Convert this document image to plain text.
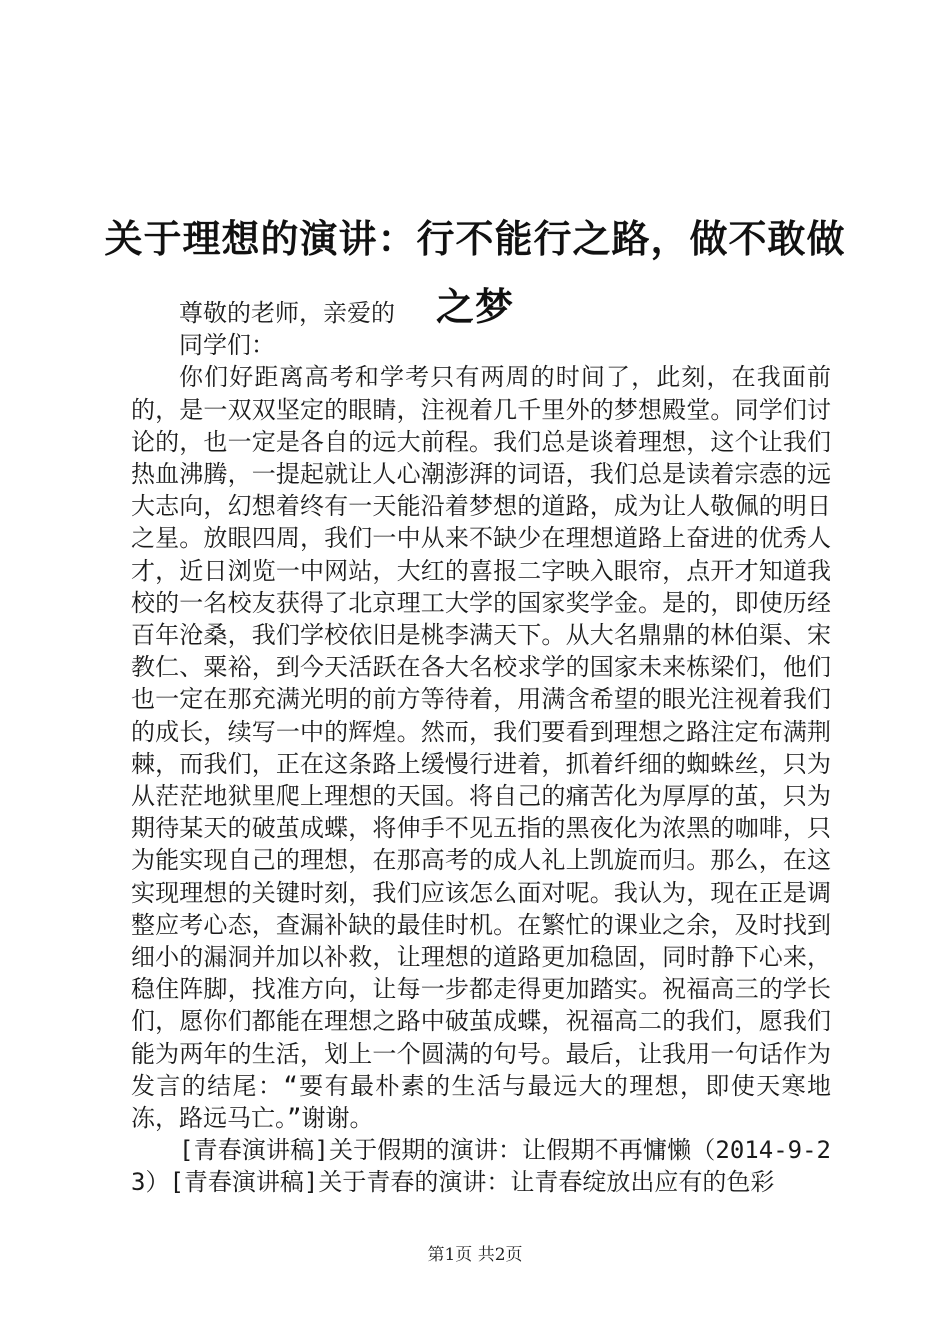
关于理想的演讲：行不能行之路，做不敢做之梦

尊敬的老师，亲爱的

同学们：

你们好距离高考和学考只有两周的时间了，此刻，在我面前的，是一双双坚定的眼睛，注视着几千里外的梦想殿堂。同学们讨论的，也一定是各自的远大前程。我们总是谈着理想，这个让我们热血沸腾，一提起就让人心潮澎湃的词语，我们总是读着宗悫的远大志向，幻想着终有一天能沿着梦想的道路，成为让人敬佩的明日之星。放眼四周，我们一中从来不缺少在理想道路上奋进的优秀人才，近日浏览一中网站，大红的喜报二字映入眼帘，点开才知道我校的一名校友获得了北京理工大学的国家奖学金。是的，即使历经百年沧桑，我们学校依旧是桃李满天下。从大名鼎鼎的林伯渠、宋教仁、粟裕，到今天活跃在各大名校求学的国家未来栋梁们，他们也一定在那充满光明的前方等待着，用满含希望的眼光注视着我们的成长，续写一中的辉煌。然而，我们要看到理想之路注定布满荆棘，而我们，正在这条路上缓慢行进着，抓着纤细的蜘蛛丝，只为从茫茫地狱里爬上理想的天国。将自己的痛苦化为厚厚的茧，只为期待某天的破茧成蝶，将伸手不见五指的黑夜化为浓黑的咖啡，只为能实现自己的理想，在那高考的成人礼上凯旋而归。那么，在这实现理想的关键时刻，我们应该怎么面对呢。我认为，现在正是调整应考心态，查漏补缺的最佳时机。在繁忙的课业之余，及时找到细小的漏洞并加以补救，让理想的道路更加稳固，同时静下心来，稳住阵脚，找准方向，让每一步都走得更加踏实。祝福高三的学长们，愿你们都能在理想之路中破茧成蝶，祝福高二的我们，愿我们能为两年的生活，划上一个圆满的句号。最后，让我用一句话作为发言的结尾：“要有最朴素的生活与最远大的理想，即使天寒地冻，路远马亡。”谢谢。

[青春演讲稿]关于假期的演讲：让假期不再慵懒（2014-9-23）[青春演讲稿]关于青春的演讲：让青春绽放出应有的色彩

第1页 共2页
